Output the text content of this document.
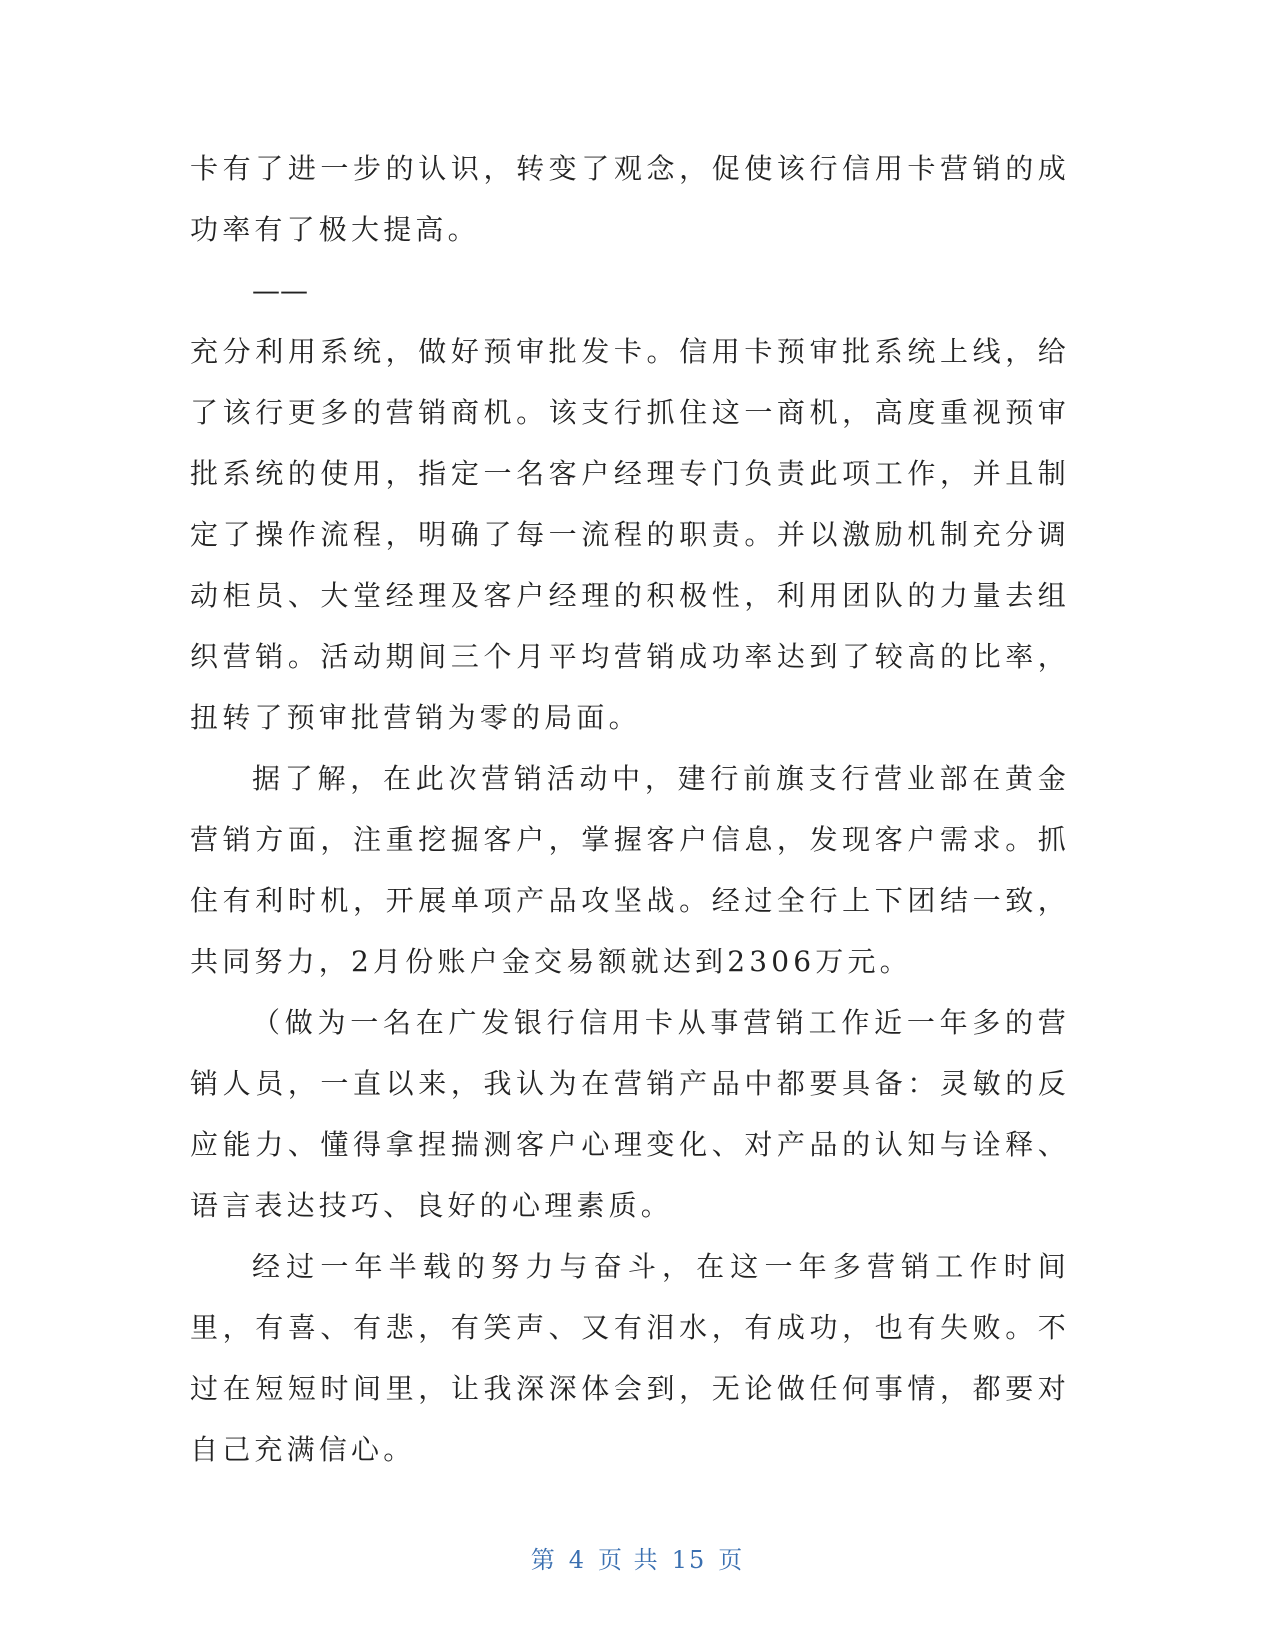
卡有了进一步的认识，转变了观念，促使该行信用卡营销的成功率有了极大提高。

——

充分利用系统，做好预审批发卡。信用卡预审批系统上线，给了该行更多的营销商机。该支行抓住这一商机，高度重视预审批系统的使用，指定一名客户经理专门负责此项工作，并且制定了操作流程，明确了每一流程的职责。并以激励机制充分调动柜员、大堂经理及客户经理的积极性，利用团队的力量去组织营销。活动期间三个月平均营销成功率达到了较高的比率，扭转了预审批营销为零的局面。

据了解，在此次营销活动中，建行前旗支行营业部在黄金营销方面，注重挖掘客户，掌握客户信息，发现客户需求。抓住有利时机，开展单项产品攻坚战。经过全行上下团结一致，共同努力，2月份账户金交易额就达到2306万元。

（做为一名在广发银行信用卡从事营销工作近一年多的营销人员，一直以来，我认为在营销产品中都要具备：灵敏的反应能力、懂得拿捏揣测客户心理变化、对产品的认知与诠释、语言表达技巧、良好的心理素质。

经过一年半载的努力与奋斗，在这一年多营销工作时间里，有喜、有悲，有笑声、又有泪水，有成功，也有失败。不过在短短时间里，让我深深体会到，无论做任何事情，都要对自己充满信心。

第 4 页 共 15 页
